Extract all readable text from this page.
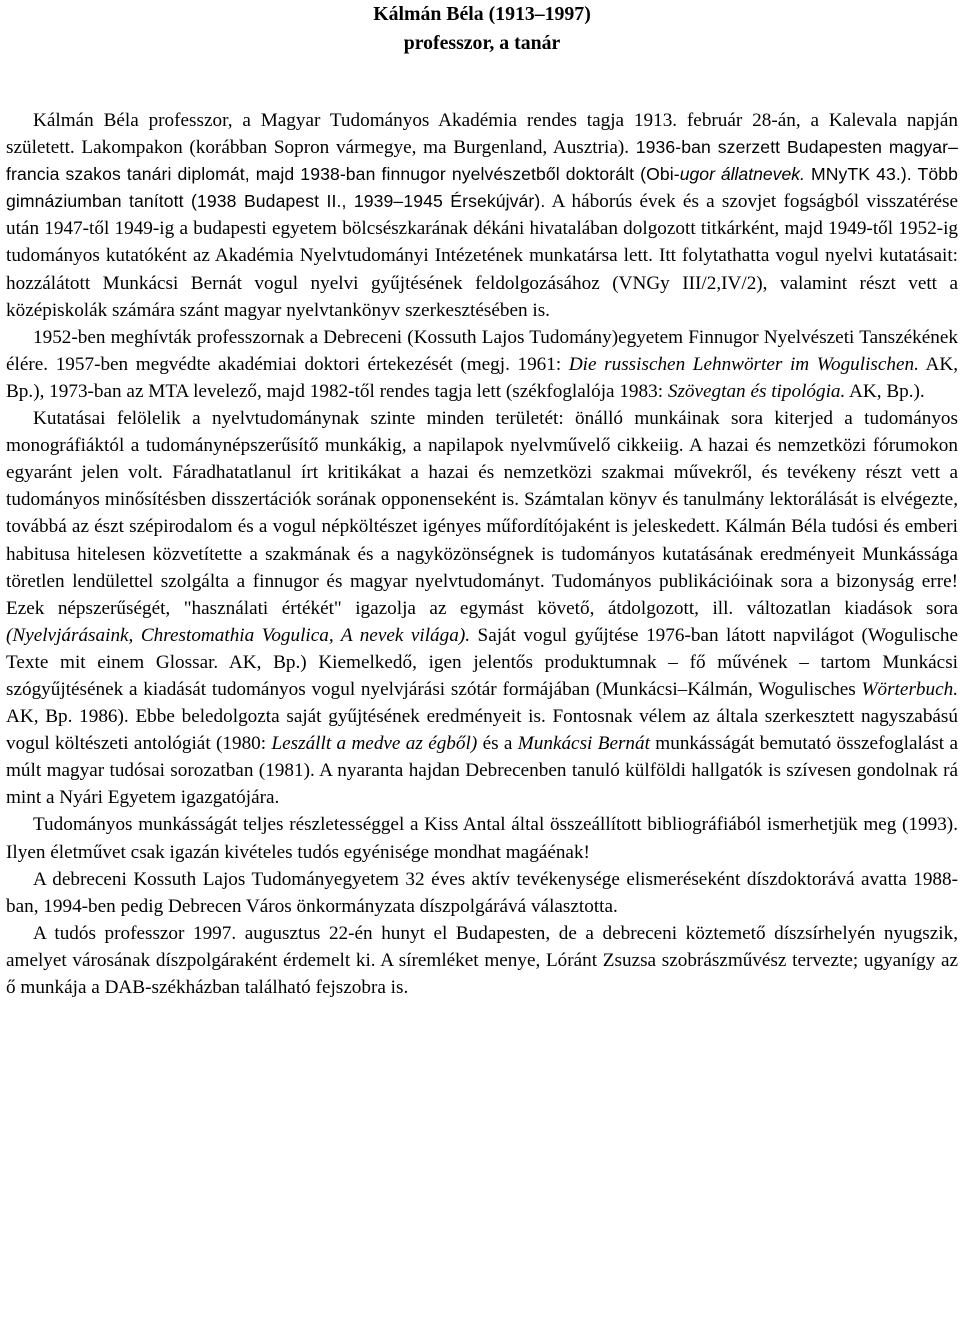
Kálmán Béla (1913–1997)
professzor, a tanár

Kálmán Béla professzor, a Magyar Tudományos Akadémia rendes tagja 1913. február 28-án, a Kalevala napján született. Lakompakon (korábban Sopron vármegye, ma Burgenland, Ausztria). 1936-ban szerzett Budapesten magyar–francia szakos tanári diplomát, majd 1938-ban finnugor nyelvészetből doktorált (Obi-ugor állatnevek. MNyTK 43.). Több gimnáziumban tanított (1938 Budapest II., 1939–1945 Érsekújvár). A háborús évek és a szovjet fogságból visszatérése után 1947-től 1949-ig a budapesti egyetem bölcsészkarának dékáni hivatalában dolgozott titkárként, majd 1949-től 1952-ig tudományos kutatóként az Akadémia Nyelvtudományi Intézetének munkatársa lett. Itt folytathatta vogul nyelvi kutatásait: hozzálátott Munkácsi Bernát vogul nyelvi gyűjtésének feldolgozásához (VNGy III/2,IV/2), valamint részt vett a középiskolák számára szánt magyar nyelvtankönyv szerkesztésében is.

1952-ben meghívták professzornak a Debreceni (Kossuth Lajos Tudomány)egyetem Finnugor Nyelvészeti Tanszékének élére. 1957-ben megvédte akadémiai doktori értekezését (megj. 1961: Die russischen Lehnwörter im Wogulischen. AK, Bp.), 1973-ban az MTA levelező, majd 1982-től rendes tagja lett (székfoglalója 1983: Szövegtan és tipológia. AK, Bp.).

Kutatásai felölelik a nyelvtudománynak szinte minden területét: önálló munkáinak sora kiterjed a tudományos monográfiáktól a tudománynépszerűsítő munkákig, a napilapok nyelvművelő cikkeiig. A hazai és nemzetközi fórumokon egyaránt jelen volt. Fáradhatatlanul írt kritikákat a hazai és nemzetközi szakmai művekről, és tevékeny részt vett a tudományos minősítésben disszertációk sorának opponenseként is. Számtalan könyv és tanulmány lektorálását is elvégezte, továbbá az észt szépirodalom és a vogul népköltészet igényes műfordítójaként is jeleskedett. Kálmán Béla tudósi és emberi habitusa hitelesen közvetítette a szakmának és a nagyközönségnek is tudományos kutatásának eredményeit Munkássága töretlen lendülettel szolgálta a finnugor és magyar nyelvtudományt. Tudományos publikációinak sora a bizonyság erre! Ezek népszerűségét, "használati értékét" igazolja az egymást követő, átdolgozott, ill. változatlan kiadások sora (Nyelvjárásaink, Chrestomathia Vogulica, A nevek világa). Saját vogul gyűjtése 1976-ban látott napvilágot (Wogulische Texte mit einem Glossar. AK, Bp.) Kiemelkedő, igen jelentős produktumnak – fő művének – tartom Munkácsi szógyűjtésének a kiadását tudományos vogul nyelvjárási szótár formájában (Munkácsi–Kálmán, Wogulisches Wörterbuch. AK, Bp. 1986). Ebbe beledolgozta saját gyűjtésének eredményeit is. Fontosnak vélem az általa szerkesztett nagyszabású vogul költészeti antológiát (1980: Leszállt a medve az égből) és a Munkácsi Bernát munkásságát bemutató összefoglalást a múlt magyar tudósai sorozatban (1981). A nyaranta hajdan Debrecenben tanuló külföldi hallgatók is szívesen gondolnak rá mint a Nyári Egyetem igazgatójára.

Tudományos munkásságát teljes részletességgel a Kiss Antal által összeállított bibliográfiából ismerhetjük meg (1993). Ilyen életművet csak igazán kivételes tudós egyénisége mondhat magáénak!

A debreceni Kossuth Lajos Tudományegyetem 32 éves aktív tevékenysége elismeréseként díszdoktorává avatta 1988-ban, 1994-ben pedig Debrecen Város önkormányzata díszpolgárává választotta.

A tudós professzor 1997. augusztus 22-én hunyt el Budapesten, de a debreceni köztemető díszsírhelyén nyugszik, amelyet városának díszpolgáraként érdemelt ki. A síremléket menye, Lóránt Zsuzsa szobrászművész tervezte; ugyanígy az ő munkája a DAB-székházban található fejszobra is.
